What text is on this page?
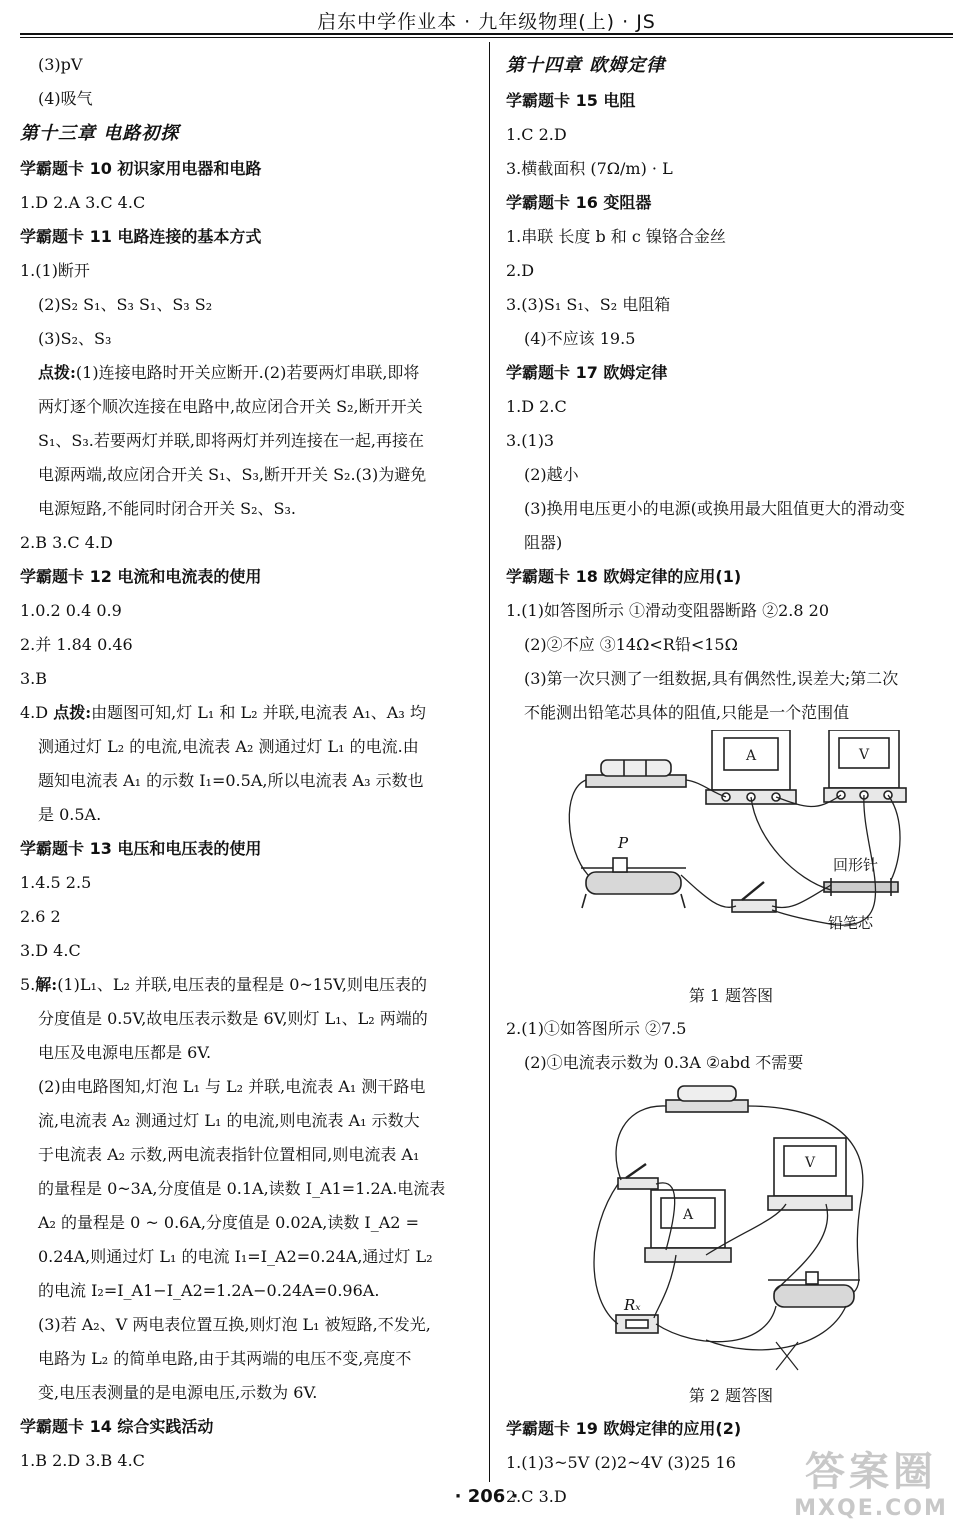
启东中学作业本 · 九年级物理(上) · JS
(3)pV
(4)吸气
第十三章 电路初探
学霸题卡 10 初识家用电器和电路
1.D 2.A 3.C 4.C
学霸题卡 11 电路连接的基本方式
1.(1)断开
(2)S₂ S₁、S₃ S₁、S₃ S₂
(3)S₂、S₃
点拨:(1)连接电路时开关应断开.(2)若要两灯串联,即将
两灯逐个顺次连接在电路中,故应闭合开关 S₂,断开开关
S₁、S₃.若要两灯并联,即将两灯并列连接在一起,再接在
电源两端,故应闭合开关 S₁、S₃,断开开关 S₂.(3)为避免
电源短路,不能同时闭合开关 S₂、S₃.
2.B 3.C 4.D
学霸题卡 12 电流和电流表的使用
1.0.2 0.4 0.9
2.并 1.84 0.46
3.B
4.D 点拨:由题图可知,灯 L₁ 和 L₂ 并联,电流表 A₁、A₃ 均
测通过灯 L₂ 的电流,电流表 A₂ 测通过灯 L₁ 的电流.由
题知电流表 A₁ 的示数 I₁=0.5A,所以电流表 A₃ 示数也
是 0.5A.
学霸题卡 13 电压和电压表的使用
1.4.5 2.5
2.6 2
3.D 4.C
5.解:(1)L₁、L₂ 并联,电压表的量程是 0~15V,则电压表的
分度值是 0.5V,故电压表示数是 6V,则灯 L₁、L₂ 两端的
电压及电源电压都是 6V.
(2)由电路图知,灯泡 L₁ 与 L₂ 并联,电流表 A₁ 测干路电
流,电流表 A₂ 测通过灯 L₁ 的电流,则电流表 A₁ 示数大
于电流表 A₂ 示数,两电流表指针位置相同,则电流表 A₁
的量程是 0~3A,分度值是 0.1A,读数 I_A1=1.2A.电流表
A₂ 的量程是 0 ~ 0.6A,分度值是 0.02A,读数 I_A2 =
0.24A,则通过灯 L₁ 的电流 I₁=I_A2=0.24A,通过灯 L₂
的电流 I₂=I_A1−I_A2=1.2A−0.24A=0.96A.
(3)若 A₂、V 两电表位置互换,则灯泡 L₁ 被短路,不发光,
电路为 L₂ 的简单电路,由于其两端的电压不变,亮度不
变,电压表测量的是电源电压,示数为 6V.
学霸题卡 14 综合实践活动
1.B 2.D 3.B 4.C
第十四章 欧姆定律
学霸题卡 15 电阻
1.C 2.D
3.横截面积 (7Ω/m) · L
学霸题卡 16 变阻器
1.串联 长度 b 和 c 镍铬合金丝
2.D
3.(3)S₁ S₁、S₂ 电阻箱
(4)不应该 19.5
学霸题卡 17 欧姆定律
1.D 2.C
3.(1)3
(2)越小
(3)换用电压更小的电源(或换用最大阻值更大的滑动变
阻器)
学霸题卡 18 欧姆定律的应用(1)
1.(1)如答图所示 ①滑动变阻器断路 ②2.8 20
(2)②不应 ③14Ω<R铅<15Ω
(3)第一次只测了一组数据,具有偶然性,误差大;第二次
不能测出铅笔芯具体的阻值,只能是一个范围值
A	V
P
回形针
铅笔芯
第 1 题答图
2.(1)①如答图所示 ②7.5
(2)①电流表示数为 0.3A ②abd 不需要
V
A
Rₓ
第 2 题答图
学霸题卡 19 欧姆定律的应用(2)
1.(1)3~5V (2)2~4V (3)25 16
2.C 3.D
· 206 ·
答案圈
MXQE.COM
